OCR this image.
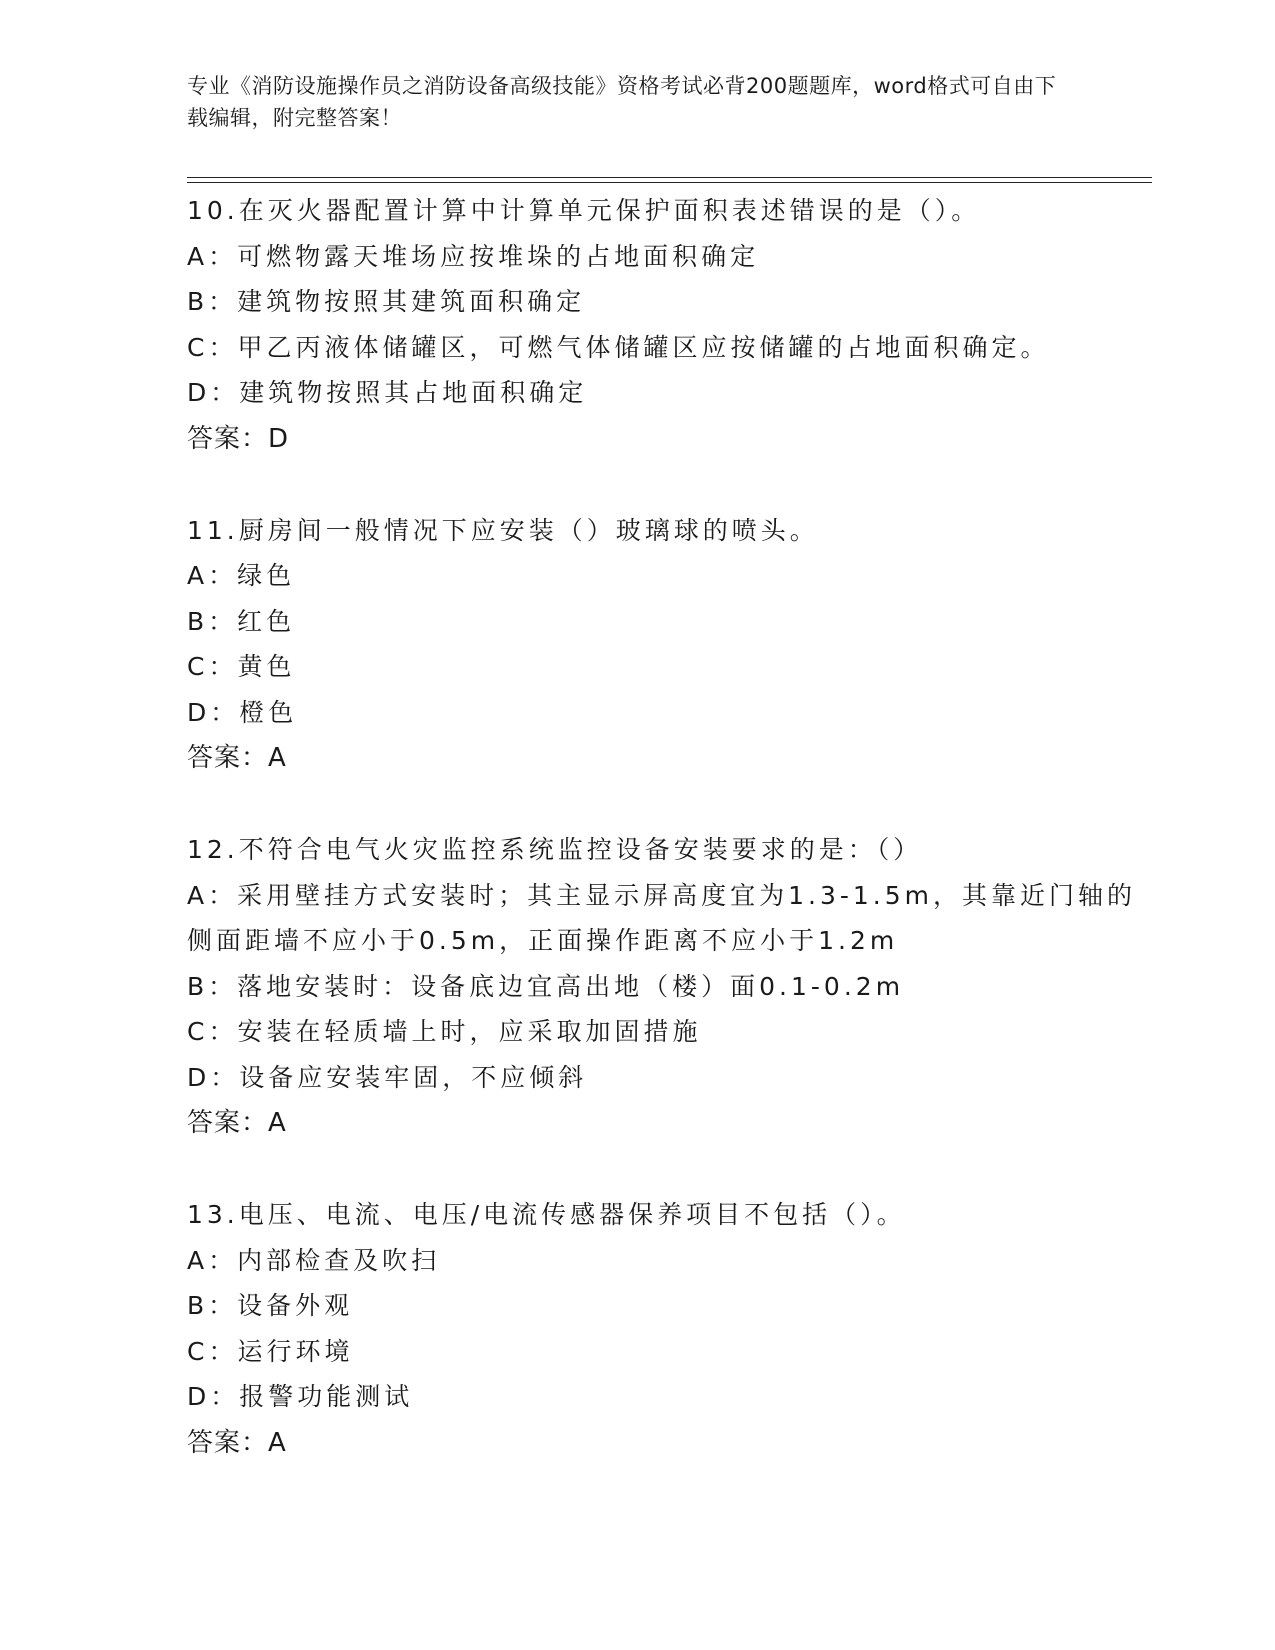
专业《消防设施操作员之消防设备高级技能》资格考试必背200题题库，word格式可自由下载编辑，附完整答案！
10.在灭火器配置计算中计算单元保护面积表述错误的是（）。
A：可燃物露天堆场应按堆垛的占地面积确定
B：建筑物按照其建筑面积确定
C：甲乙丙液体储罐区，可燃气体储罐区应按储罐的占地面积确定。
D：建筑物按照其占地面积确定
答案：D
11.厨房间一般情况下应安装（）玻璃球的喷头。
A：绿色
B：红色
C：黄色
D：橙色
答案：A
12.不符合电气火灾监控系统监控设备安装要求的是：（）
A：采用壁挂方式安装时；其主显示屏高度宜为1.3-1.5m，其靠近门轴的侧面距墙不应小于0.5m，正面操作距离不应小于1.2m
B：落地安装时：设备底边宜高出地（楼）面0.1-0.2m
C：安装在轻质墙上时，应采取加固措施
D：设备应安装牢固，不应倾斜
答案：A
13.电压、电流、电压/电流传感器保养项目不包括（）。
A：内部检查及吹扫
B：设备外观
C：运行环境
D：报警功能测试
答案：A
